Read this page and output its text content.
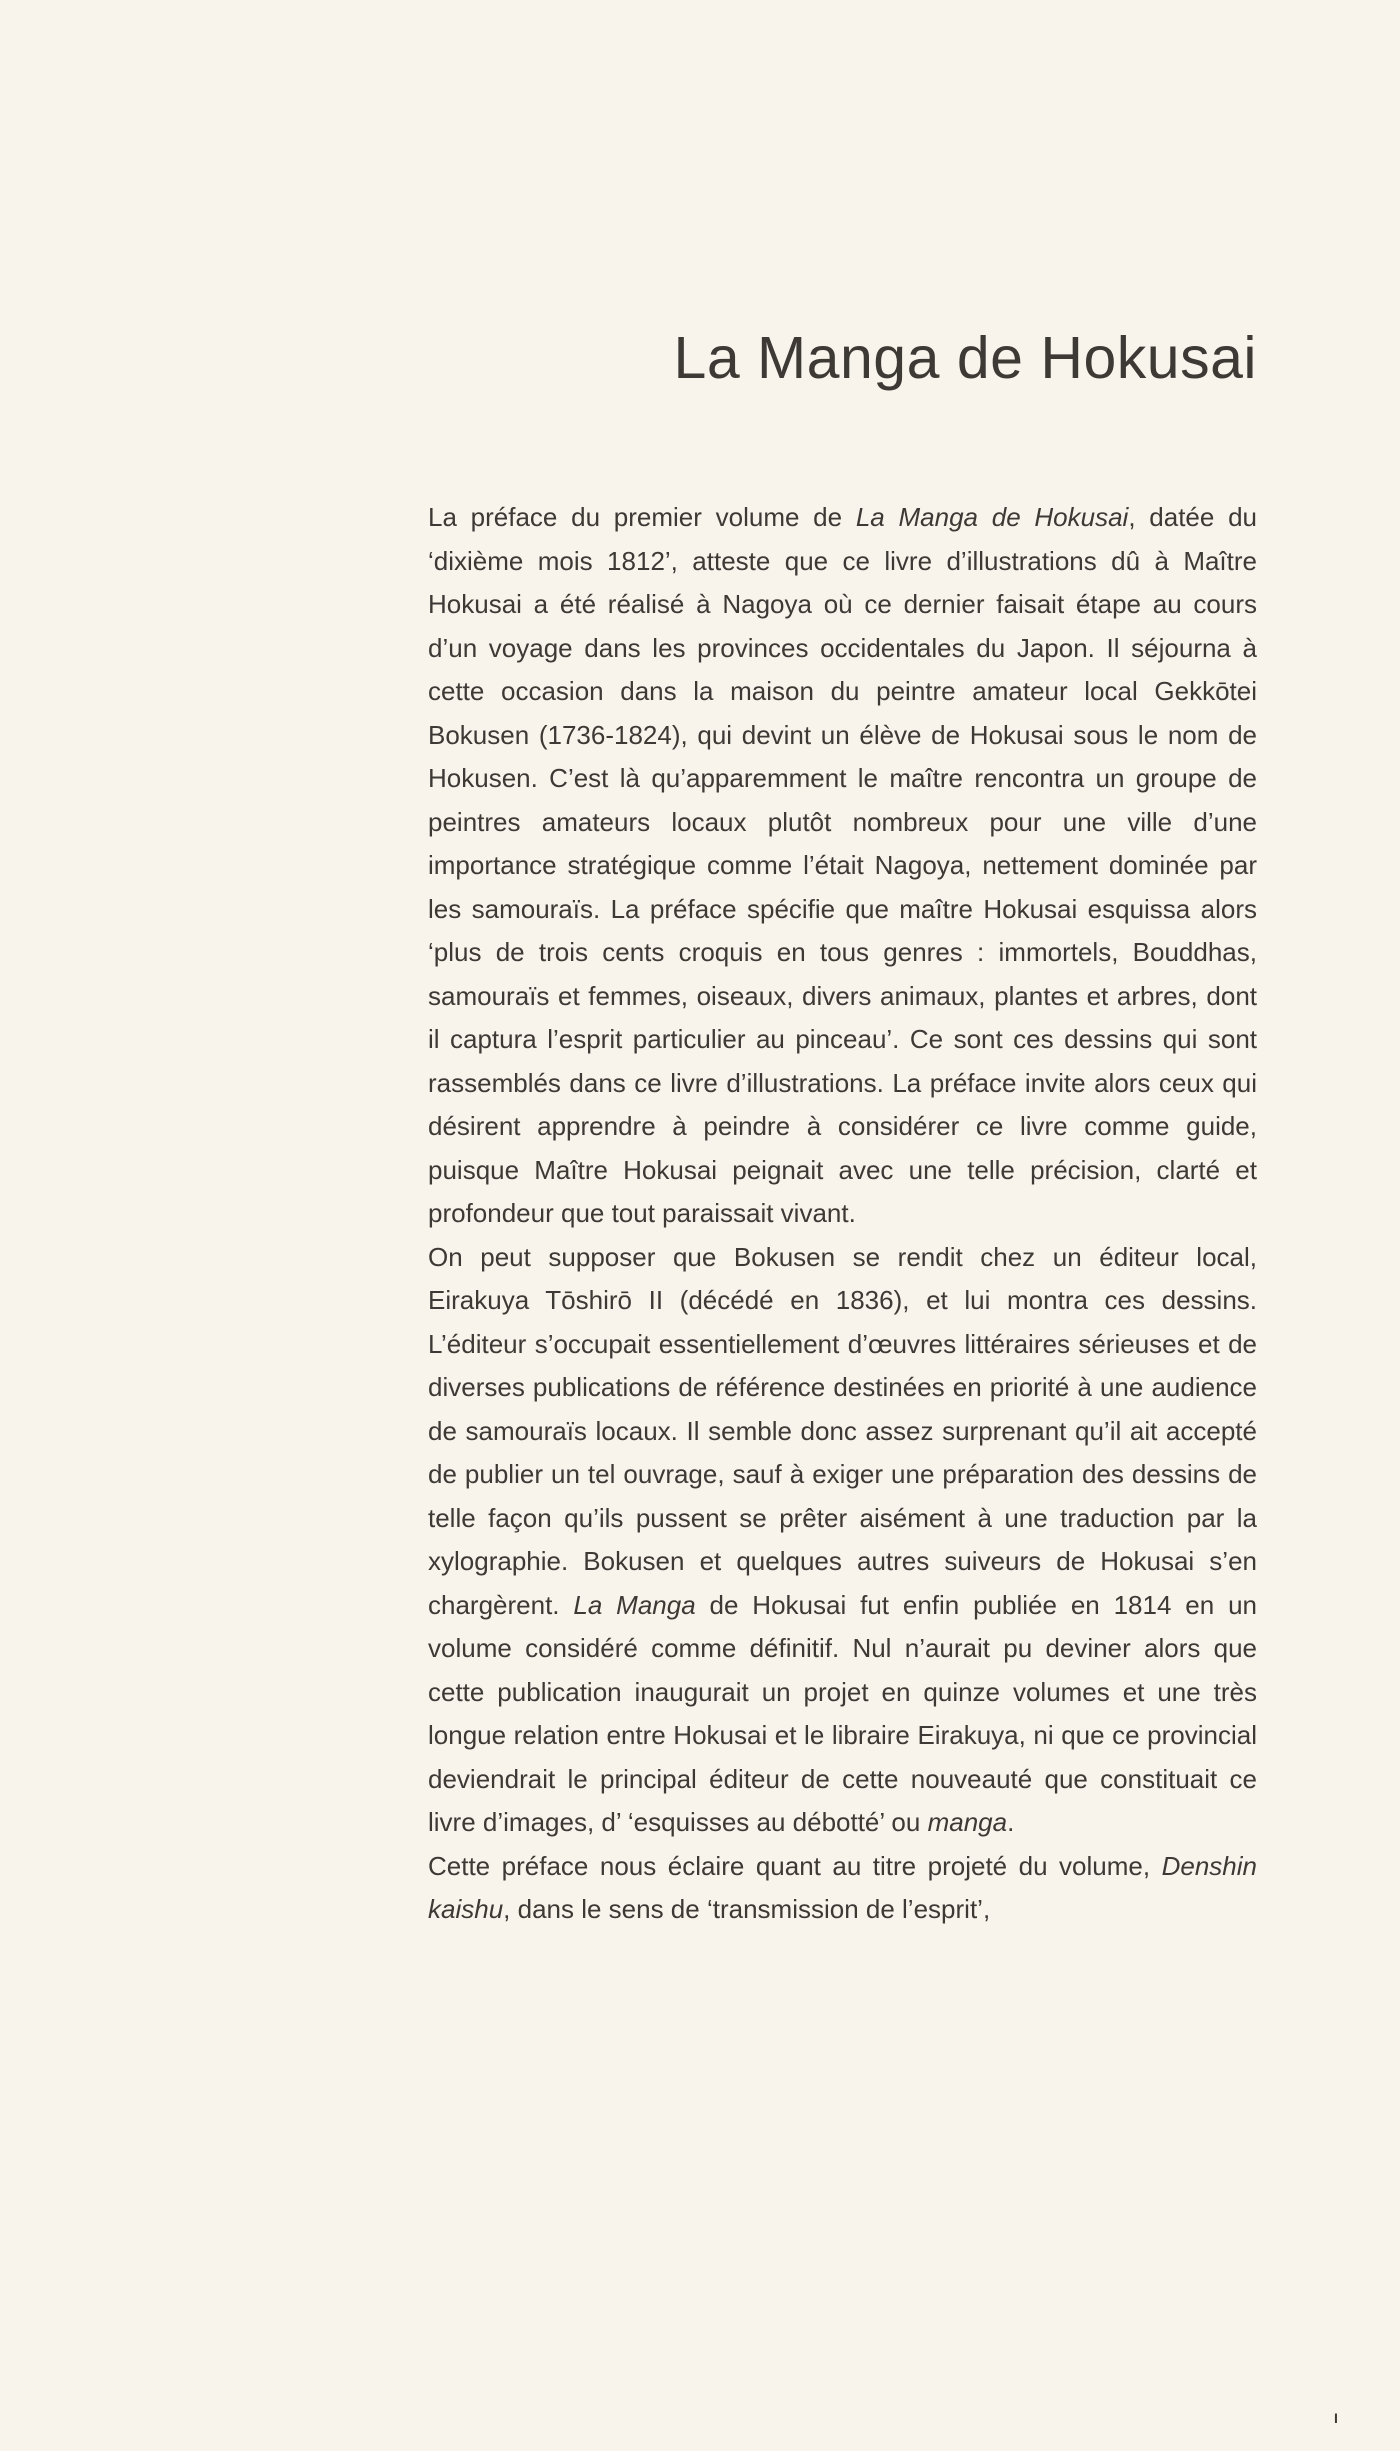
La Manga de Hokusai

La préface du premier volume de La Manga de Hokusai, datée du ‘dixième mois 1812’, atteste que ce livre d’illustrations dû à Maître Hokusai a été réalisé à Nagoya où ce dernier faisait étape au cours d’un voyage dans les provinces occidentales du Japon. Il séjourna à cette occasion dans la maison du peintre amateur local Gekkōtei Bokusen (1736-1824), qui devint un élève de Hokusai sous le nom de Hokusen. C’est là qu’apparemment le maître rencontra un groupe de peintres amateurs locaux plutôt nombreux pour une ville d’une importance stratégique comme l’était Nagoya, nettement dominée par les samouraïs. La préface spécifie que maître Hokusai esquissa alors ‘plus de trois cents croquis en tous genres : immortels, Bouddhas, samouraïs et femmes, oiseaux, divers animaux, plantes et arbres, dont il captura l’esprit particulier au pinceau’. Ce sont ces dessins qui sont rassemblés dans ce livre d’illustrations. La préface invite alors ceux qui désirent apprendre à peindre à considérer ce livre comme guide, puisque Maître Hokusai peignait avec une telle précision, clarté et profondeur que tout paraissait vivant.

On peut supposer que Bokusen se rendit chez un éditeur local, Eirakuya Tōshirō II (décédé en 1836), et lui montra ces dessins. L’éditeur s’occupait essentiellement d’œuvres littéraires sérieuses et de diverses publications de référence destinées en priorité à une audience de samouraïs locaux. Il semble donc assez surprenant qu’il ait accepté de publier un tel ouvrage, sauf à exiger une préparation des dessins de telle façon qu’ils pussent se prêter aisément à une traduction par la xylographie. Bokusen et quelques autres suiveurs de Hokusai s’en chargèrent. La Manga de Hokusai fut enfin publiée en 1814 en un volume considéré comme définitif. Nul n’aurait pu deviner alors que cette publication inaugurait un projet en quinze volumes et une très longue relation entre Hokusai et le libraire Eirakuya, ni que ce provincial deviendrait le principal éditeur de cette nouveauté que constituait ce livre d’images, d’ ‘esquisses au débotté’ ou manga.

Cette préface nous éclaire quant au titre projeté du volume, Denshin kaishu, dans le sens de ‘transmission de l’esprit’,

I
